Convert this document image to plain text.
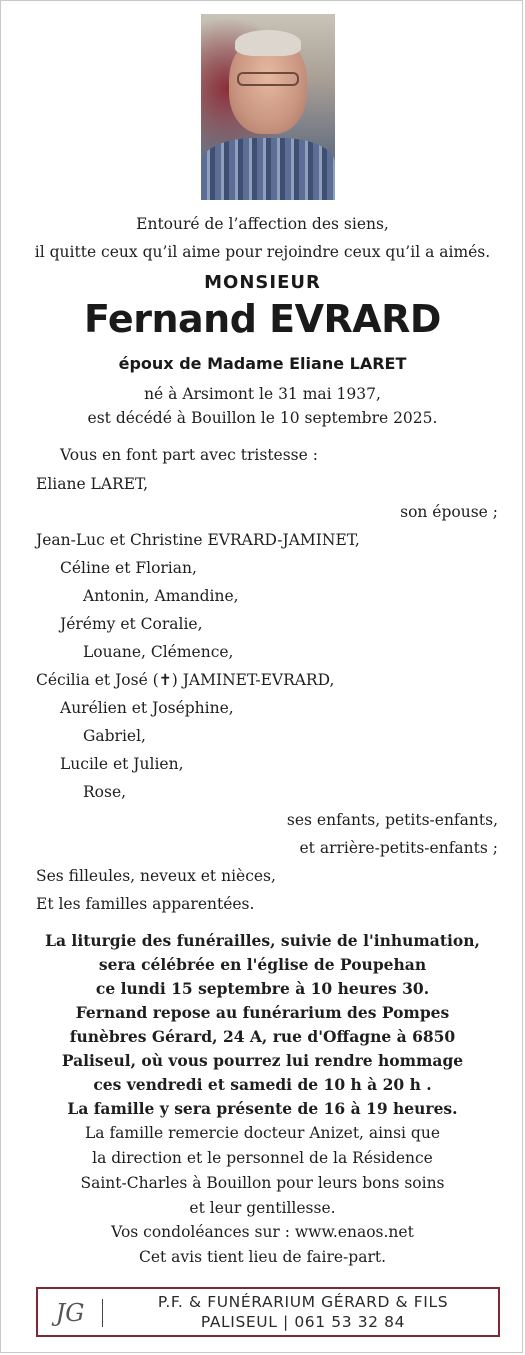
Entouré de l’affection des siens,
il quitte ceux qu’il aime pour rejoindre ceux qu’il a aimés.
MONSIEUR
Fernand EVRARD
époux de Madame Eliane LARET
né à Arsimont le 31 mai 1937,
est décédé à Bouillon le 10 septembre 2025.
Vous en font part avec tristesse :
Eliane LARET,
son épouse ;
Jean-Luc et Christine EVRARD-JAMINET,
Céline et Florian,
Antonin, Amandine,
Jérémy et Coralie,
Louane, Clémence,
Cécilia et José (✝) JAMINET-EVRARD,
Aurélien et Joséphine,
Gabriel,
Lucile et Julien,
Rose,
ses enfants, petits-enfants,
et arrière-petits-enfants ;
Ses filleules, neveux et nièces,
Et les familles apparentées.
La liturgie des funérailles, suivie de l'inhumation,
sera célébrée en l'église de Poupehan
ce lundi 15 septembre à 10 heures 30.
Fernand repose au funérarium des Pompes
funèbres Gérard, 24 A, rue d'Offagne à 6850
Paliseul, où vous pourrez lui rendre hommage
ces vendredi et samedi de 10 h à 20 h .
La famille y sera présente de 16 à 19 heures.
La famille remercie docteur Anizet, ainsi que
la direction et le personnel de la Résidence
Saint-Charles à Bouillon pour leurs bons soins
et leur gentillesse.
Vos condoléances sur : www.enaos.net
Cet avis tient lieu de faire-part.
JG	P.F. & FUNÉRARIUM GÉRARD & FILS
PALISEUL | 061 53 32 84
